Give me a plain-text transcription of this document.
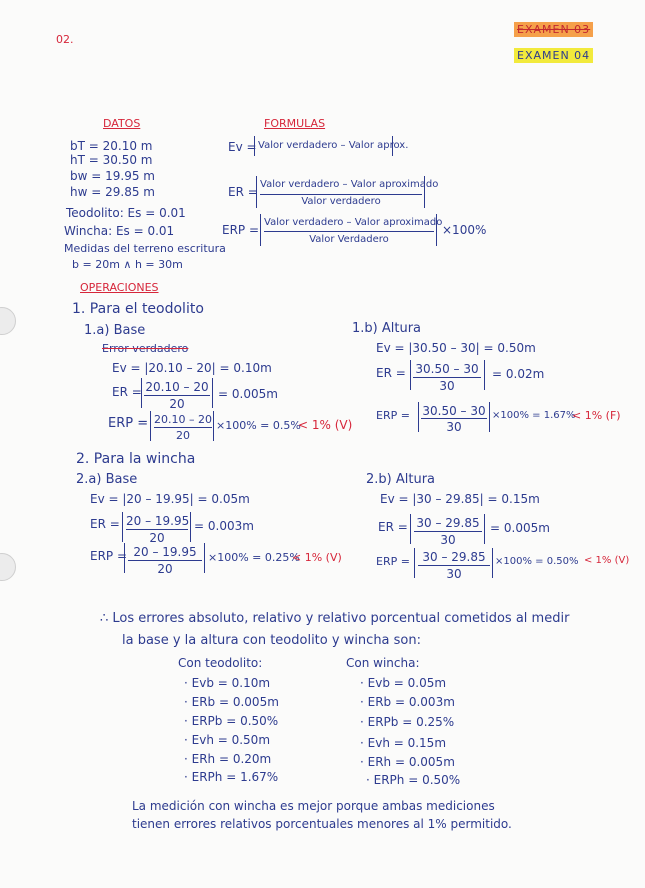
02.
EXAMEN 03
EXAMEN 04
DATOS
bT = 20.10 m
hT = 30.50 m
bw = 19.95 m
hw = 29.85 m
Teodolito: Es = 0.01
Wincha: Es = 0.01
Medidas del terreno escritura
b = 20m ∧ h = 30m
FORMULAS
Ev = Valor verdadero – Valor aprox.
ER =
Valor verdadero – Valor aproximado
Valor verdadero
ERP =
Valor verdadero – Valor aproximado
Valor Verdadero
×100%
OPERACIONES
1. Para el teodolito
1.a) Base
Error verdadero
Ev = |20.10 – 20| = 0.10m
ER = 20.10 – 20
20
= 0.005m
ERP = 20.10 – 20
20
×100% = 0.5%
< 1% (V)
1.b) Altura
Ev = |30.50 – 30| = 0.50m
ER = 30.50 – 30
30
= 0.02m
ERP = 30.50 – 30
30
×100% = 1.67%
< 1% (F)
2. Para la wincha
2.a) Base
Ev = |20 – 19.95| = 0.05m
ER = 20 – 19.95
20
= 0.003m
ERP = 20 – 19.95
20
×100% = 0.25%
< 1% (V)
2.b) Altura
Ev = |30 – 29.85| = 0.15m
ER = 30 – 29.85
30
= 0.005m
ERP =	30 – 29.85
30
×100% = 0.50% < 1% (V)
∴ Los errores absoluto, relativo y relativo porcentual cometidos al medir
la base y la altura con teodolito y wincha son:
Con teodolito:
· Evb = 0.10m
· ERb = 0.005m
· ERPb = 0.50%
· Evh = 0.50m
· ERh = 0.20m
· ERPh = 1.67%
Con wincha:
· Evb = 0.05m
· ERb = 0.003m
· ERPb = 0.25%
· Evh = 0.15m
· ERh = 0.005m
· ERPh = 0.50%
La medición con wincha es mejor porque ambas mediciones
tienen errores relativos porcentuales menores al 1% permitido.
